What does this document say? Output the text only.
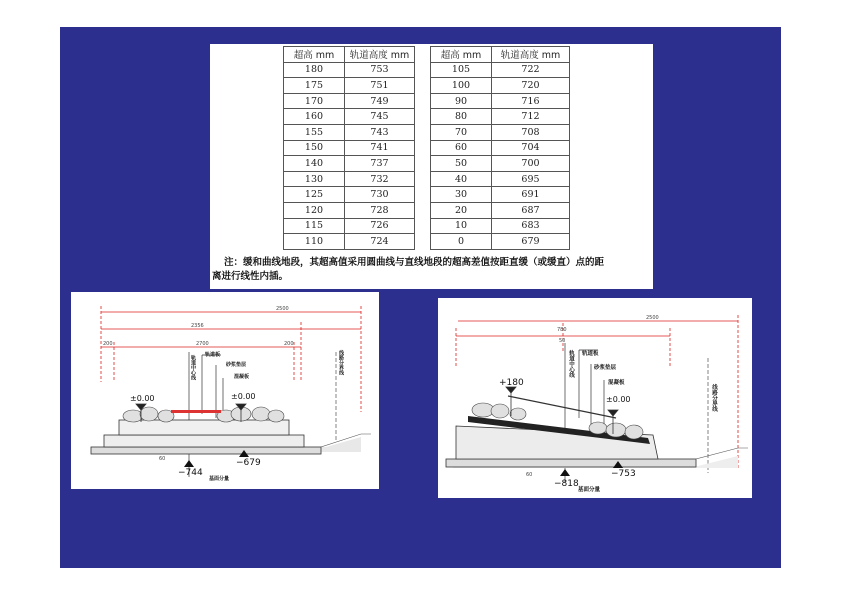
超高 mm	轨道高度 mm
180	753
175	751
170	749
160	745
155	743
150	741
140	737
130	732
125	730
120	728
115	726
110	724
超高 mm	轨道高度 mm
105	722
100	720
90	716
80	712
70	708
60	704
50	700
40	695
30	691
20	687
10	683
0	679
注：缓和曲线地段，其超高值采用圆曲线与直线地段的超高差值按距直缓（或缓直）点的距
离进行线性内插。
2500
2356
2700
200	200
轨道中心线 轨道板
砂浆垫层
混凝板
线路分界线
±0.00	±0.00
−744
−679
60
基面分量
2500
780
50
轨道中心线	轨道板
砂浆垫层
混凝板
线路分界线
+180
±0.00
−818
−753
60
基面分量
